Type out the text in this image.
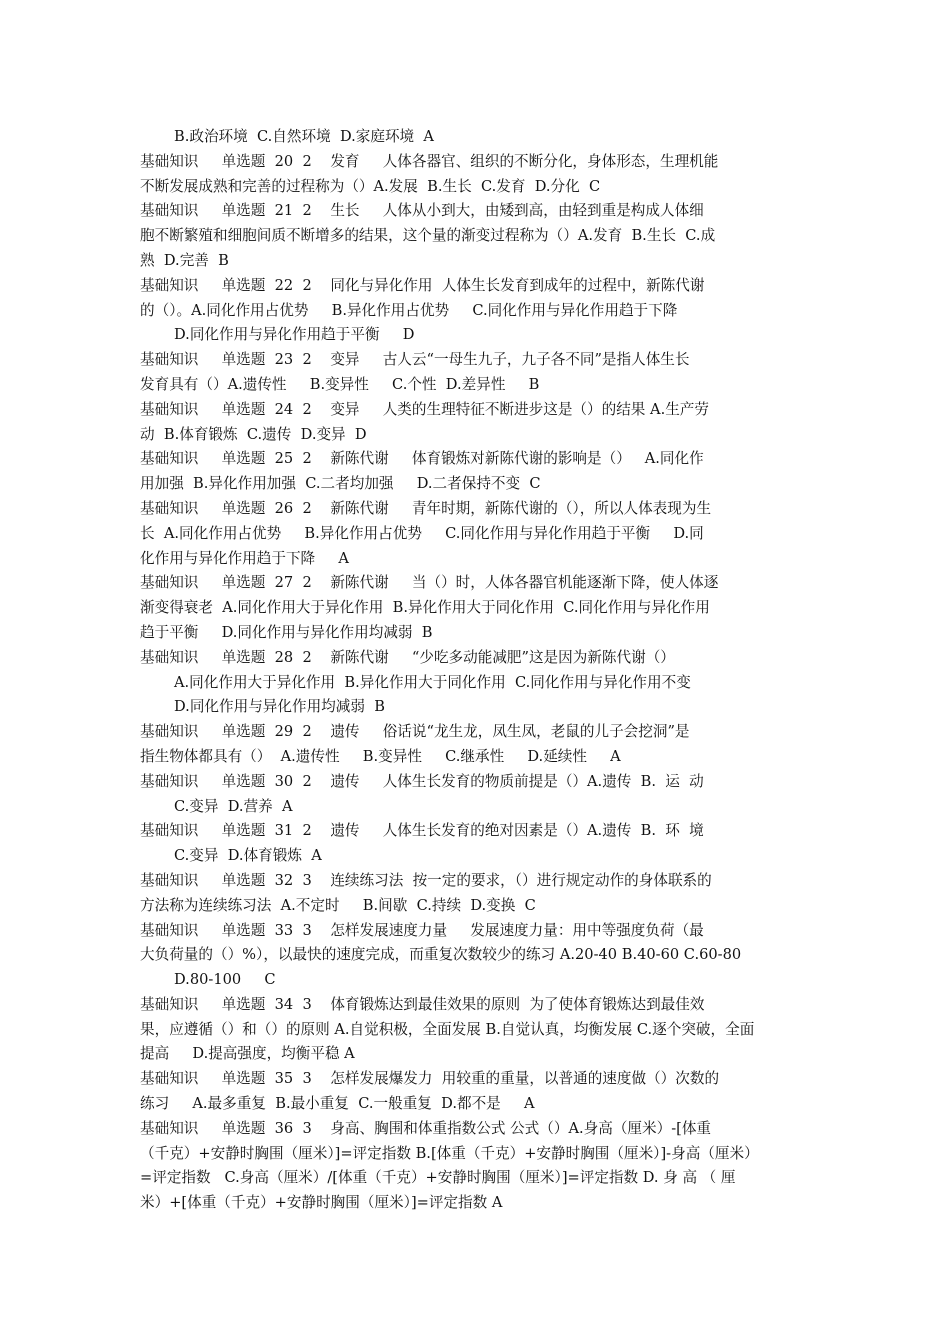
B.政治环境  C.自然环境  D.家庭环境  A
基础知识     单选题  20  2    发育     人体各器官、组织的不断分化，身体形态，生理机能
不断发展成熟和完善的过程称为（）A.发展  B.生长  C.发育  D.分化  C
基础知识     单选题  21  2    生长     人体从小到大，由矮到高，由轻到重是构成人体细
胞不断繁殖和细胞间质不断增多的结果，这个量的渐变过程称为（）A.发育  B.生长  C.成
熟  D.完善  B
基础知识     单选题  22  2    同化与异化作用  人体生长发育到成年的过程中，新陈代谢
的（）。A.同化作用占优势     B.异化作用占优势     C.同化作用与异化作用趋于下降
D.同化作用与异化作用趋于平衡     D
基础知识     单选题  23  2    变异     古人云“一母生九子，九子各不同”是指人体生长
发育具有（）A.遗传性     B.变异性     C.个性  D.差异性     B
基础知识     单选题  24  2    变异     人类的生理特征不断进步这是（）的结果 A.生产劳
动  B.体育锻炼  C.遗传  D.变异  D
基础知识     单选题  25  2    新陈代谢     体育锻炼对新陈代谢的影响是（）   A.同化作
用加强  B.异化作用加强  C.二者均加强     D.二者保持不变  C
基础知识     单选题  26  2    新陈代谢     青年时期，新陈代谢的（），所以人体表现为生
长  A.同化作用占优势     B.异化作用占优势     C.同化作用与异化作用趋于平衡     D.同
化作用与异化作用趋于下降     A
基础知识     单选题  27  2    新陈代谢     当（）时，人体各器官机能逐渐下降，使人体逐
渐变得衰老  A.同化作用大于异化作用  B.异化作用大于同化作用  C.同化作用与异化作用
趋于平衡     D.同化作用与异化作用均减弱  B
基础知识     单选题  28  2    新陈代谢     “少吃多动能减肥”这是因为新陈代谢（）
A.同化作用大于异化作用  B.异化作用大于同化作用  C.同化作用与异化作用不变
D.同化作用与异化作用均减弱  B
基础知识     单选题  29  2    遗传     俗话说“龙生龙，凤生凤，老鼠的儿子会挖洞”是
指生物体都具有（）  A.遗传性     B.变异性     C.继承性     D.延续性     A
基础知识     单选题  30  2    遗传     人体生长发育的物质前提是（）A.遗传  B.  运  动
C.变异  D.营养  A
基础知识     单选题  31  2    遗传     人体生长发育的绝对因素是（）A.遗传  B.  环  境
C.变异  D.体育锻炼  A
基础知识     单选题  32  3    连续练习法  按一定的要求，（）进行规定动作的身体联系的
方法称为连续练习法  A.不定时     B.间歇  C.持续  D.变换  C
基础知识     单选题  33  3    怎样发展速度力量     发展速度力量：用中等强度负荷（最
大负荷量的（）%），以最快的速度完成，而重复次数较少的练习 A.20-40 B.40-60 C.60-80
D.80-100     C
基础知识     单选题  34  3    体育锻炼达到最佳效果的原则  为了使体育锻炼达到最佳效
果，应遵循（）和（）的原则 A.自觉积极，全面发展 B.自觉认真，均衡发展 C.逐个突破，全面
提高     D.提高强度，均衡平稳 A
基础知识     单选题  35  3    怎样发展爆发力  用较重的重量，以普通的速度做（）次数的
练习     A.最多重复  B.最小重复  C.一般重复  D.都不是     A
基础知识     单选题  36  3    身高、胸围和体重指数公式 公式（）A.身高（厘米）-[体重
（千克）+安静时胸围（厘米）]=评定指数 B.[体重（千克）+安静时胸围（厘米）]-身高（厘米）
=评定指数   C.身高（厘米）/[体重（千克）+安静时胸围（厘米）]=评定指数 D. 身 高 （ 厘
米）+[体重（千克）+安静时胸围（厘米）]=评定指数 A
